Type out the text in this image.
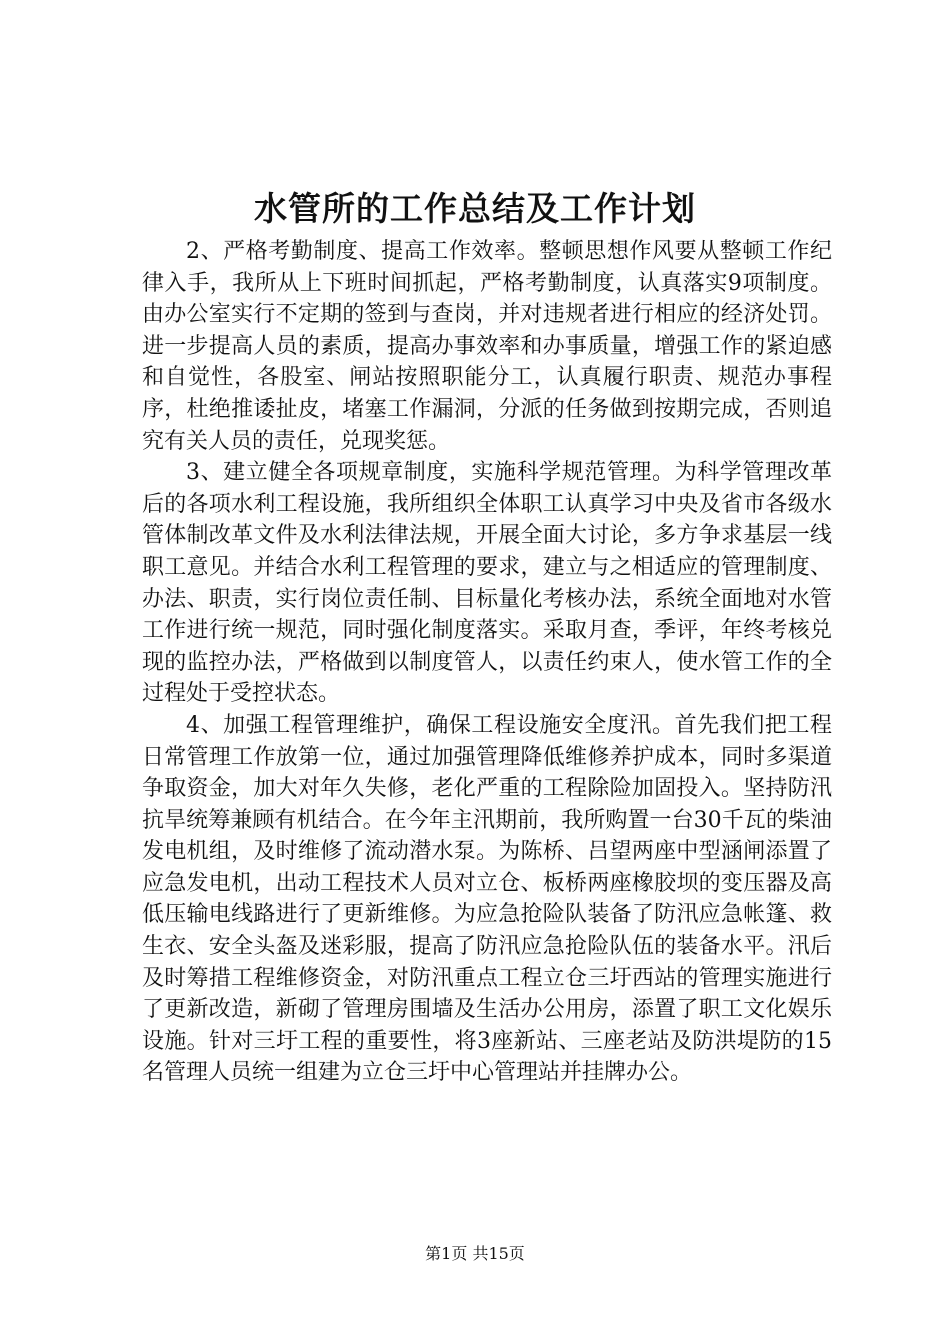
水管所的工作总结及工作计划

2、严格考勤制度、提高工作效率。整顿思想作风要从整顿工作纪律入手，我所从上下班时间抓起，严格考勤制度，认真落实9项制度。由办公室实行不定期的签到与查岗，并对违规者进行相应的经济处罚。进一步提高人员的素质，提高办事效率和办事质量，增强工作的紧迫感和自觉性，各股室、闸站按照职能分工，认真履行职责、规范办事程序，杜绝推诿扯皮，堵塞工作漏洞，分派的任务做到按期完成，否则追究有关人员的责任，兑现奖惩。

3、建立健全各项规章制度，实施科学规范管理。为科学管理改革后的各项水利工程设施，我所组织全体职工认真学习中央及省市各级水管体制改革文件及水利法律法规，开展全面大讨论，多方争求基层一线职工意见。并结合水利工程管理的要求，建立与之相适应的管理制度、办法、职责，实行岗位责任制、目标量化考核办法，系统全面地对水管工作进行统一规范，同时强化制度落实。采取月查，季评，年终考核兑现的监控办法，严格做到以制度管人，以责任约束人，使水管工作的全过程处于受控状态。

4、加强工程管理维护，确保工程设施安全度汛。首先我们把工程日常管理工作放第一位，通过加强管理降低维修养护成本，同时多渠道争取资金，加大对年久失修，老化严重的工程除险加固投入。坚持防汛抗旱统筹兼顾有机结合。在今年主汛期前，我所购置一台30千瓦的柴油发电机组，及时维修了流动潜水泵。为陈桥、吕望两座中型涵闸添置了应急发电机，出动工程技术人员对立仓、板桥两座橡胶坝的变压器及高低压输电线路进行了更新维修。为应急抢险队装备了防汛应急帐篷、救生衣、安全头盔及迷彩服，提高了防汛应急抢险队伍的装备水平。汛后及时筹措工程维修资金，对防汛重点工程立仓三圩西站的管理实施进行了更新改造，新砌了管理房围墙及生活办公用房，添置了职工文化娱乐设施。针对三圩工程的重要性，将3座新站、三座老站及防洪堤防的15名管理人员统一组建为立仓三圩中心管理站并挂牌办公。

第1页 共15页
